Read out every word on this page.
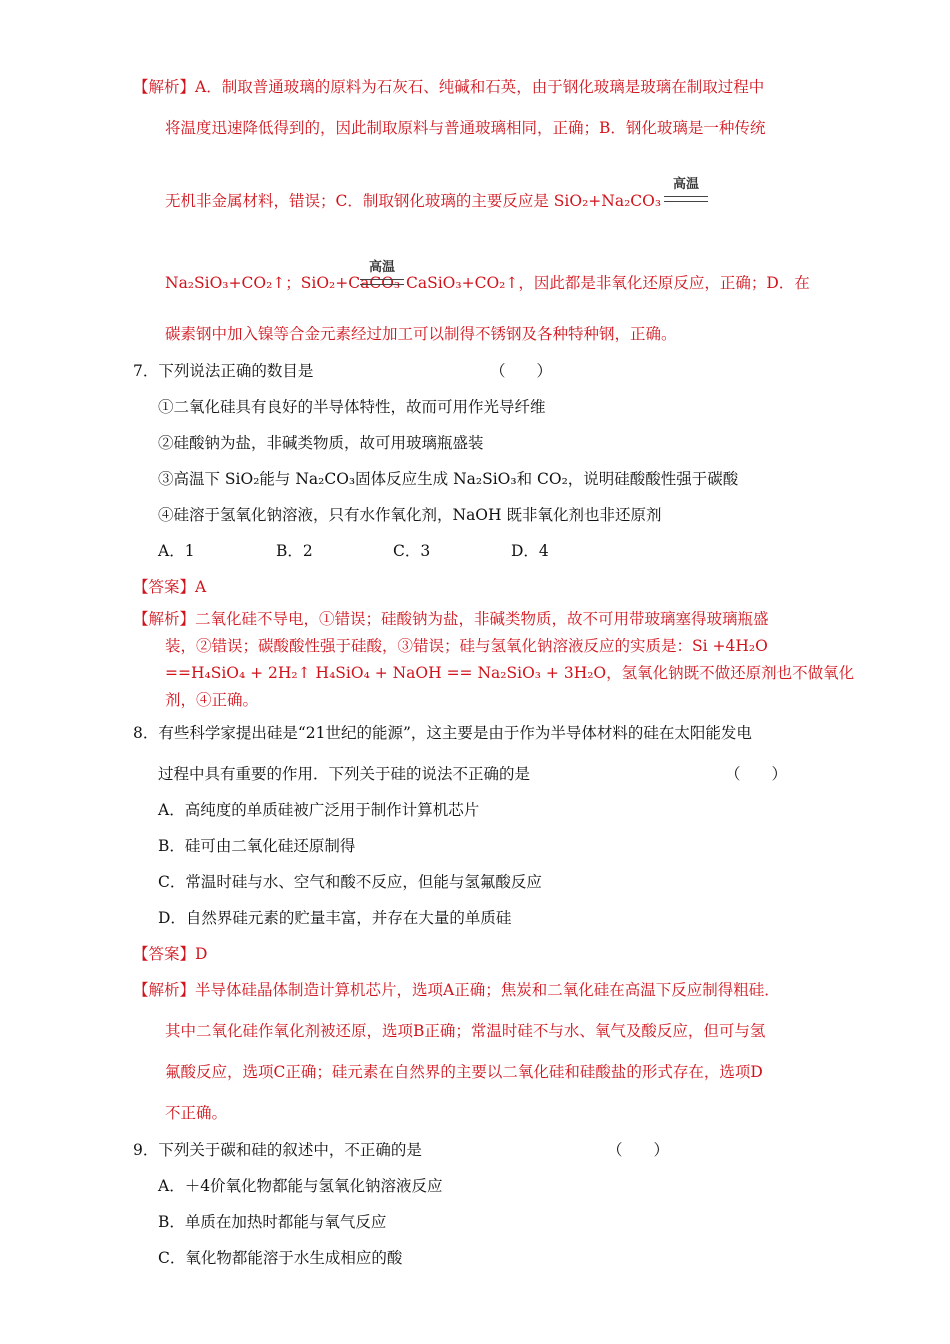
【解析】A．制取普通玻璃的原料为石灰石、纯碱和石英，由于钢化玻璃是玻璃在制取过程中
将温度迅速降低得到的，因此制取原料与普通玻璃相同，正确；B．钢化玻璃是一种传统
无机非金属材料，错误；C．制取钢化玻璃的主要反应是 SiO₂+Na₂CO₃
高温
Na₂SiO₃+CO₂↑；SiO₂+CaCO₃
高温
CaSiO₃+CO₂↑，因此都是非氧化还原反应，正确；D．在
碳素钢中加入镍等合金元素经过加工可以制得不锈钢及各种特种钢，正确。
7．下列说法正确的数目是	（　　）
①二氧化硅具有良好的半导体特性，故而可用作光导纤维
②硅酸钠为盐，非碱类物质，故可用玻璃瓶盛装
③高温下 SiO₂能与 Na₂CO₃固体反应生成 Na₂SiO₃和 CO₂，说明硅酸酸性强于碳酸
④硅溶于氢氧化钠溶液，只有水作氧化剂，NaOH 既非氧化剂也非还原剂
A．1	B．2	C．3	D．4
【答案】A
【解析】二氧化硅不导电，①错误；硅酸钠为盐，非碱类物质，故不可用带玻璃塞得玻璃瓶盛
装，②错误；碳酸酸性强于硅酸，③错误；硅与氢氧化钠溶液反应的实质是：Si +4H₂O
==H₄SiO₄ + 2H₂↑ H₄SiO₄ + NaOH == Na₂SiO₃ + 3H₂O，氢氧化钠既不做还原剂也不做氧化
剂，④正确。
8．有些科学家提出硅是“21世纪的能源”，这主要是由于作为半导体材料的硅在太阳能发电
过程中具有重要的作用．下列关于硅的说法不正确的是	（　　）
A．高纯度的单质硅被广泛用于制作计算机芯片
B．硅可由二氧化硅还原制得
C．常温时硅与水、空气和酸不反应，但能与氢氟酸反应
D．自然界硅元素的贮量丰富，并存在大量的单质硅
【答案】D
【解析】半导体硅晶体制造计算机芯片，选项A正确；焦炭和二氧化硅在高温下反应制得粗硅．
其中二氧化硅作氧化剂被还原，选项B正确；常温时硅不与水、氧气及酸反应，但可与氢
氟酸反应，选项C正确；硅元素在自然界的主要以二氧化硅和硅酸盐的形式存在，选项D
不正确。
9．下列关于碳和硅的叙述中，不正确的是	（　　）
A．＋4价氧化物都能与氢氧化钠溶液反应
B．单质在加热时都能与氧气反应
C．氧化物都能溶于水生成相应的酸
